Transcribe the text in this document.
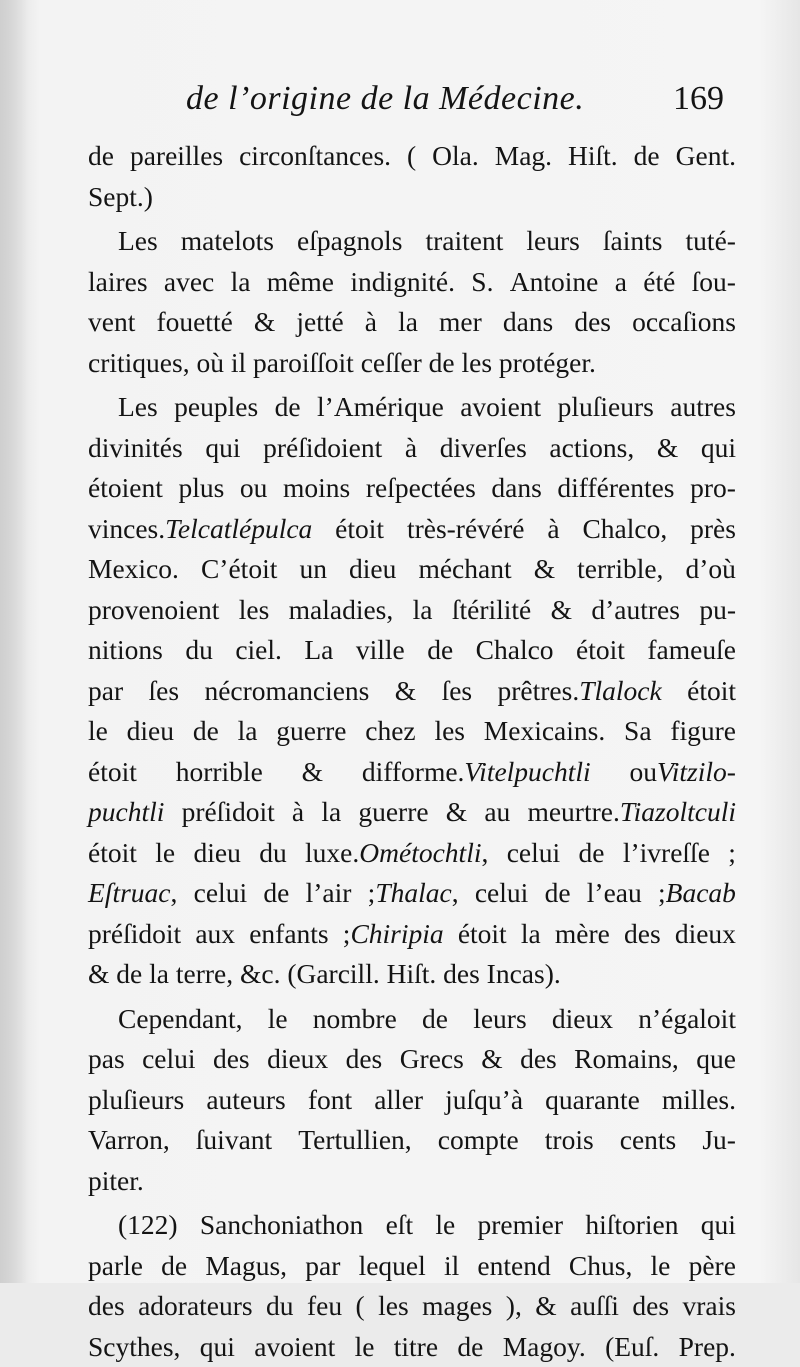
de l’origine de la Médecine.	169
de pareilles circonſtances. ( Ola. Mag. Hiſt. de Gent.
Sept.)

Les matelots eſpagnols traitent leurs ſaints tuté-
laires avec la même indignité. S. Antoine a été ſou-
vent fouetté & jetté à la mer dans des occaſions
critiques,
où
il
paroiſſoit
ceſſer
de
les
protéger.

Les peuples de l’Amérique avoient pluſieurs autres
divinités qui préſidoient à diverſes actions, & qui
étoient plus ou moins reſpectées dans différentes pro-
vinces.Telcatlépulca étoit très-révéré à Chalco, près
Mexico. C’étoit un dieu méchant & terrible, d’où
provenoient les maladies, la ſtérilité & d’autres pu-
nitions du ciel. La ville de Chalco étoit fameuſe
par ſes nécromanciens & ſes prêtres.Tlalock étoit
le dieu de la guerre chez les Mexicains. Sa figure
étoit horrible & difforme.Vitelpuchtli ouVitzilo-
puchtli préſidoit à la guerre & au meurtre.Tiazoltculi
étoit le dieu du luxe.Ométochtli, celui de l’ivreſſe ;
Eſtruac, celui de l’air ;Thalac, celui de l’eau ;Bacab
préſidoit aux enfants ;Chiripia étoit la mère des dieux
&
de
la
terre,
&c.
(Garcill.
Hiſt.
des
Incas).

Cependant, le nombre de leurs dieux n’égaloit
pas celui des dieux des Grecs & des Romains, que
pluſieurs auteurs font aller juſqu’à quarante milles.
Varron, ſuivant Tertullien, compte trois cents Ju-
piter.

(122) Sanchoniathon eſt le premier hiſtorien qui
parle de Magus, par lequel il entend Chus, le père
des adorateurs du feu ( les mages ), & auſſi des vrais
Scythes, qui avoient le titre de Magoy. (Euſ. Prep.
